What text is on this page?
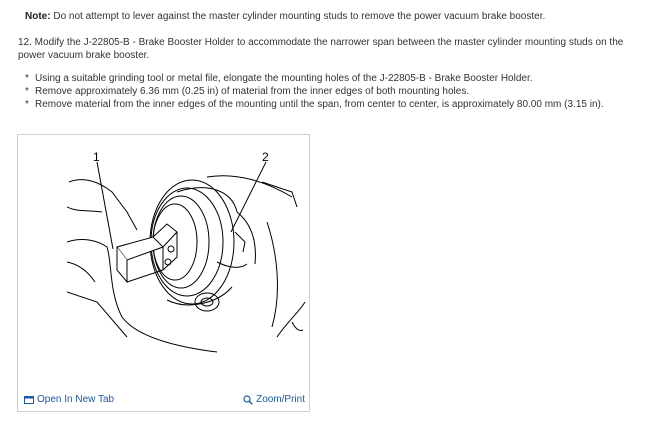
Note: Do not attempt to lever against the master cylinder mounting studs to remove the power vacuum brake booster.
12. Modify the J-22805-B - Brake Booster Holder to accommodate the narrower span between the master cylinder mounting studs on the power vacuum brake booster.
* Using a suitable grinding tool or metal file, elongate the mounting holes of the J-22805-B - Brake Booster Holder.
* Remove approximately 6.36 mm (0.25 in) of material from the inner edges of both mounting holes.
* Remove material from the inner edges of the mounting until the span, from center to center, is approximately 80.00 mm (3.15 in).
1	2
Open In New Tab	Zoom/Print
